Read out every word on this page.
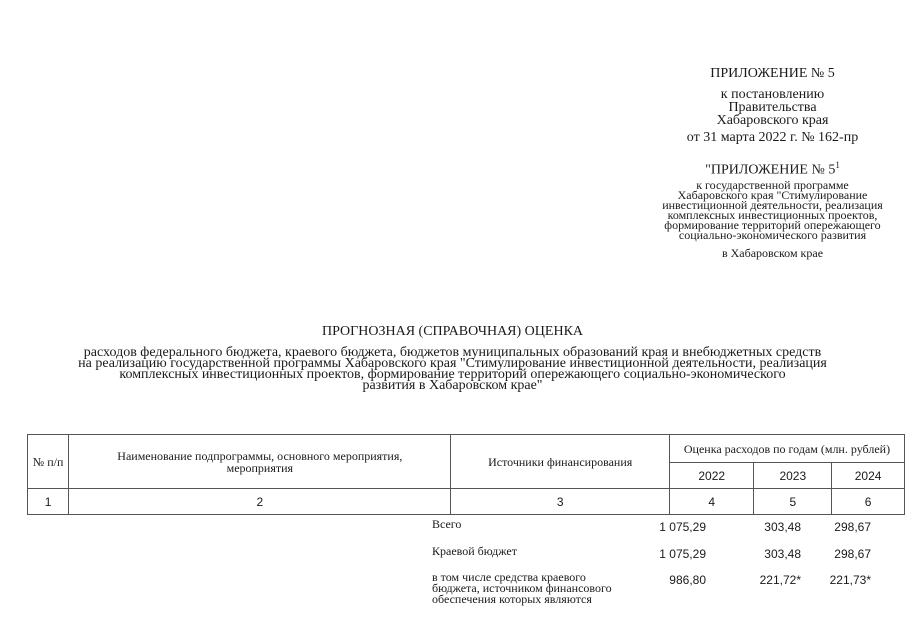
ПРИЛОЖЕНИЕ № 5
к постановлению
Правительства
Хабаровского края
от 31 марта 2022 г. № 162-пр
"ПРИЛОЖЕНИЕ № $5^1$
к государственной программе
Хабаровского края "Стимулирование
инвестиционной деятельности, реализация
комплексных инвестиционных проектов,
формирование территорий опережающего
социально-экономического развития
в Хабаровском крае
ПРОГНОЗНАЯ (СПРАВОЧНАЯ) ОЦЕНКА
расходов федерального бюджета, краевого бюджета, бюджетов муниципальных образований края и внебюджетных средств
на реализацию государственной программы Хабаровского края "Стимулирование инвестиционной деятельности, реализация
комплексных инвестиционных проектов, формирование территорий опережающего социально-экономического
развития в Хабаровском крае"
№ п/п	Наименование подпрограммы, основного мероприятия, мероприятия	Источники финансирования	Оценка расходов по годам (млн. рублей)		
			2022	2023	2024
1	2	3	4	5	6
Всего	1 075,29	303,48	298,67
Краевой бюджет	1 075,29	303,48	298,67
в том числе средства краевого
бюджета, источником финансового
обеспечения которых являются
986,80	221,72* 221,73*
